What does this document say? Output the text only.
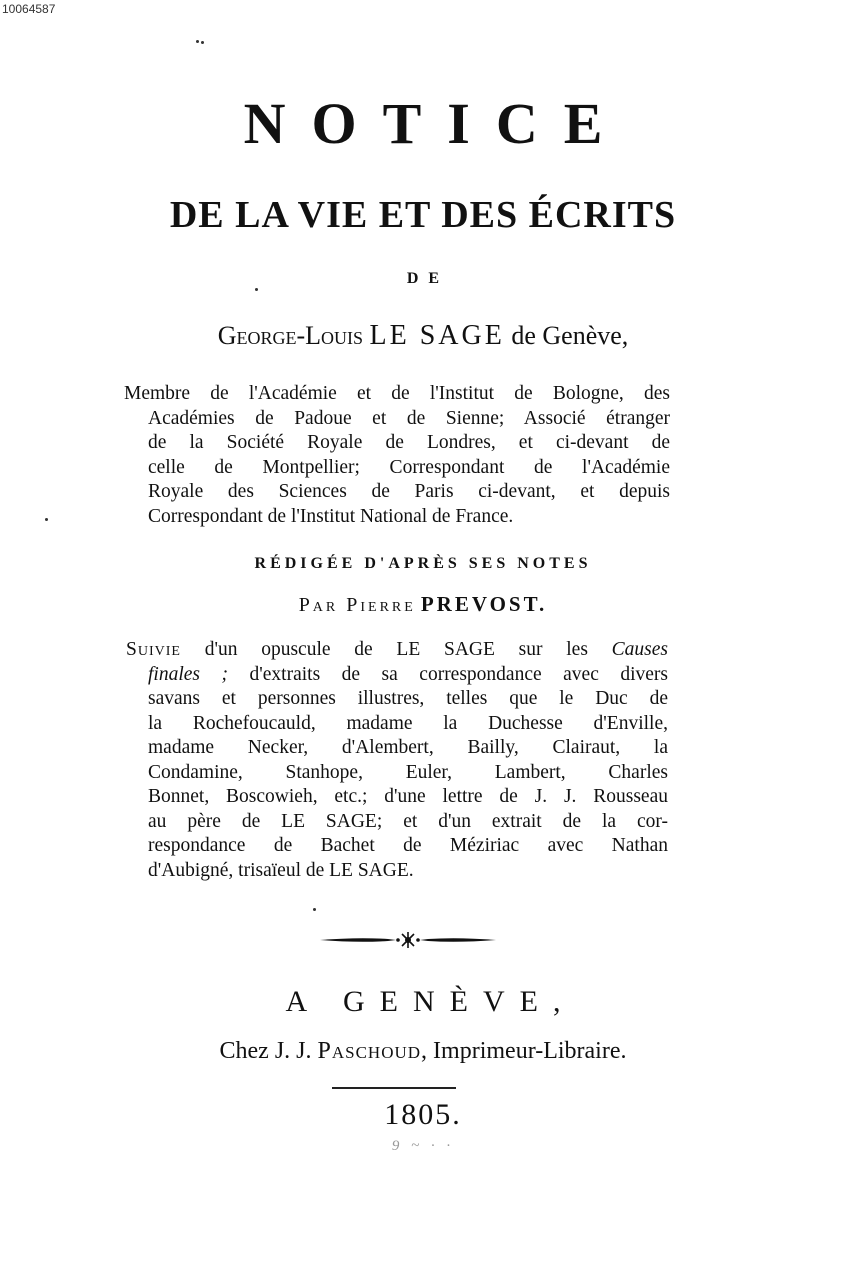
10064587
NOTICE
DE LA VIE ET DES ÉCRITS
DE
George-Louis LE SAGE de Genève,
Membre de l'Académie et de l'Institut de Bologne, des
Académies de Padoue et de Sienne; Associé étranger
de la Société Royale de Londres, et ci-devant de
celle de Montpellier; Correspondant de l'Académie
Royale des Sciences de Paris ci-devant, et depuis
Correspondant de l'Institut National de France.
RÉDIGÉE D'APRÈS SES NOTES
Par Pierre PREVOST.
Suivie d'un opuscule de LE SAGE sur les Causes
finales ; d'extraits de sa correspondance avec divers
savans et personnes illustres, telles que le Duc de
la Rochefoucauld, madame la Duchesse d'Enville,
madame Necker, d'Alembert, Bailly, Clairaut, la
Condamine, Stanhope, Euler, Lambert, Charles
Bonnet, Boscowieh, etc.; d'une lettre de J. J. Rousseau
au père de LE SAGE; et d'un extrait de la cor-
respondance de Bachet de Méziriac avec Nathan
d'Aubigné, trisaïeul de LE SAGE.
A GENÈVE,
Chez J. J. Paschoud, Imprimeur-Libraire.
1805.
9 ~ · ·
